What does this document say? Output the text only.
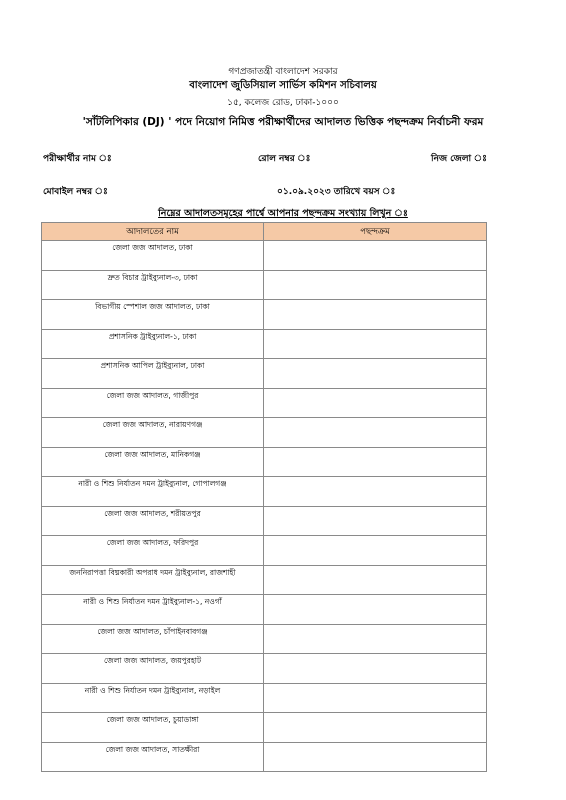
গণপ্রজাতন্ত্রী বাংলাদেশ সরকার
বাংলাদেশ জুডিসিয়াল সার্ভিস কমিশন সচিবালয়
১৫, কলেজ রোড, ঢাকা-১০০০
'সাঁটলিপিকার (DJ) ' পদে নিয়োগ নিমিত্ত পরীক্ষার্থীদের আদালত ভিত্তিক পছন্দক্রম নির্বাচনী ফরম
পরীক্ষার্থীর নাম ঃ	রোল নম্বর ঃ	নিজ জেলা ঃ
মোবাইল নম্বর ঃ	০১.০৯.২০২৩ তারিখে বয়স ঃ
নিম্নের আদালতসমূহের পার্শ্বে আপনার পছন্দক্রম সংখ্যায় লিখুন ঃ
আদালতের নাম	পছন্দক্রম
জেলা জজ আদালত, ঢাকা	
দ্রুত বিচার ট্রাইব্যুনাল-৩, ঢাকা	
বিভাগীয় স্পেশাল জজ আদালত, ঢাকা	
প্রশাসনিক ট্রাইব্যুনাল-১, ঢাকা	
প্রশাসনিক আপিল ট্রাইব্যুনাল, ঢাকা	
জেলা জজ আদালত, গাজীপুর	
জেলা জজ আদালত, নারায়ণগঞ্জ	
জেলা জজ আদালত, মানিকগঞ্জ	
নারী ও শিশু নির্যাতন দমন ট্রাইব্যুনাল, গোপালগঞ্জ	
জেলা জজ আদালত, শরীয়তপুর	
জেলা জজ আদালত, ফরিদপুর	
জননিরাপত্তা বিঘ্নকারী অপরাধ দমন ট্রাইব্যুনাল, রাজশাহী	
নারী ও শিশু নির্যাতন দমন ট্রাইব্যুনাল-১, নওগাঁ	
জেলা জজ আদালত, চাঁপাইনবাবগঞ্জ	
জেলা জজ আদালত, জয়পুরহাট	
নারী ও শিশু নির্যাতন দমন ট্রাইব্যুনাল, নড়াইল	
জেলা জজ আদালত, চুয়াডাঙ্গা	
জেলা জজ আদালত, সাতক্ষীরা	
